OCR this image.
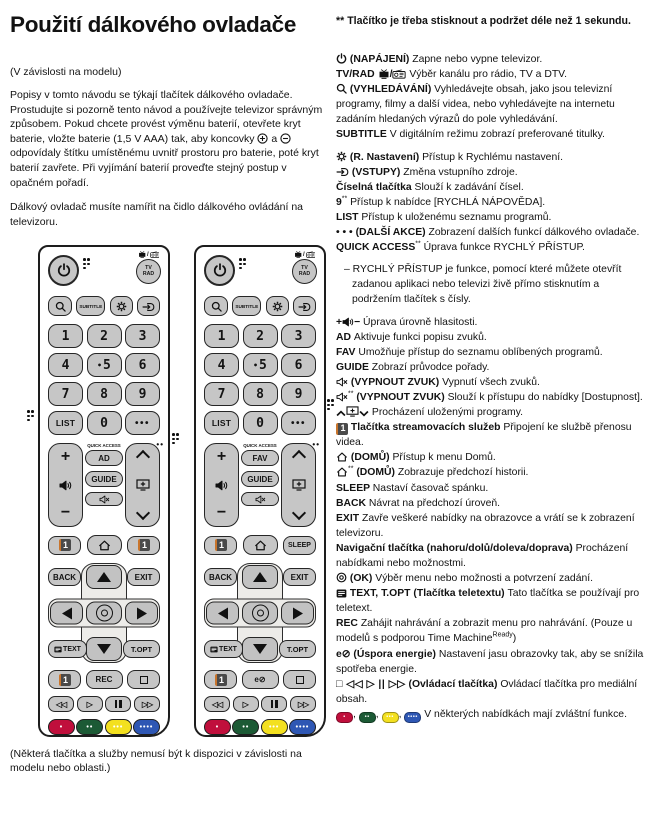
Použití dálkového ovladače
(V závislosti na modelu)
Popisy v tomto návodu se týkají tlačítek dálkového ovladače. Prostudujte si pozorně tento návod a používejte televizor správným způsobem. Pokud chcete provést výměnu baterií, otevřete kryt baterie, vložte baterie (1,5 V AAA) tak, aby koncovky  a  odpovídaly štítku umístěnému uvnitř prostoru pro baterie, poté kryt baterií zavřete. Při vyjímání baterií proveďte stejný postup v opačném pořadí.
Dálkový ovladač musíte namířit na čidlo dálkového ovládání na televizoru.
/
TV
RAD
SUBTITLE
1	2	3
4	• 5	6
7	8	9
LIST	0	•••
+
−
QUICK ACCESS
AD
GUIDE
••
1	1
BACK	EXIT
TEXT	T.OPT
1	REC
◁◁	▷	▷▷
•	••	••• ••••
/
TV
RAD
SUBTITLE
1	2	3
4	• 5	6
7	8	9
LIST	0	•••
+
−
QUICK ACCESS
FAV
GUIDE
••
1	SLEEP
BACK	EXIT
TEXT	T.OPT
1	e⊘
◁◁	▷	▷▷
•	••	••• ••••
(Některá tlačítka a služby nemusí být k dispozici v závislosti na modelu nebo oblasti.)
** Tlačítko je třeba stisknout a podržet déle než 1 sekundu.
(NAPÁJENÍ) Zapne nebo vypne televizor.
TV/RAD / Výběr kanálu pro rádio, TV a DTV.
(VYHLEDÁVÁNÍ) Vyhledávejte obsah, jako jsou televizní programy, filmy a další videa, nebo vyhledávejte na internetu zadáním hledaných výrazů do pole vyhledávání.
SUBTITLE V digitálním režimu zobrazí preferované titulky.
(R. Nastavení) Přístup k Rychlému nastavení.
(VSTUPY) Změna vstupního zdroje.
Číselná tlačítka Slouží k zadávání čísel.
9** Přístup k nabídce [RYCHLÁ NÁPOVĚDA].
LIST Přístup k uloženému seznamu programů.
• • • (DALŠÍ AKCE) Zobrazení dalších funkcí dálkového ovladače.
QUICK ACCESS** Úprava funkce RYCHLÝ PŘÍSTUP.
– RYCHLÝ PŘÍSTUP je funkce, pomocí které můžete otevřít zadanou aplikaci nebo televizi živě přímo stisknutím a podržením tlačítek s čísly.
+ − Úprava úrovně hlasitosti.
AD Aktivuje funkci popisu zvuků.
FAV Umožňuje přístup do seznamu oblíbených programů.
GUIDE Zobrazí průvodce pořady.
(VYPNOUT ZVUK) Vypnutí všech zvuků.
** (VYPNOUT ZVUK) Slouží k přístupu do nabídky [Dostupnost].
Procházení uloženými programy.
1 Tlačítka streamovacích služeb Připojení ke službě přenosu videa.
(DOMŮ) Přístup k menu Domů.
** (DOMŮ) Zobrazuje předchozí historii.
SLEEP Nastaví časovač spánku.
BACK Návrat na předchozí úroveň.
EXIT Zavře veškeré nabídky na obrazovce a vrátí se k zobrazení televizoru.
Navigační tlačítka (nahoru/dolů/doleva/doprava) Procházení nabídkami nebo možnostmi.
(OK) Výběr menu nebo možnosti a potvrzení zadání.
TEXT, T.OPT (Tlačítka teletextu) Tato tlačítka se používají pro teletext.
REC Zahájit nahrávání a zobrazit menu pro nahrávání. (Pouze u modelů s podporou Time Machine$^{Ready}$)
e⊘ (Úspora energie) Nastavení jasu obrazovky tak, aby se snížila spotřeba energie.
□ ◁◁ ▷ || ▷▷ (Ovládací tlačítka) Ovládací tlačítka pro mediální obsah.
• , •• , ••• , •••• V některých nabídkách mají zvláštní funkce.
